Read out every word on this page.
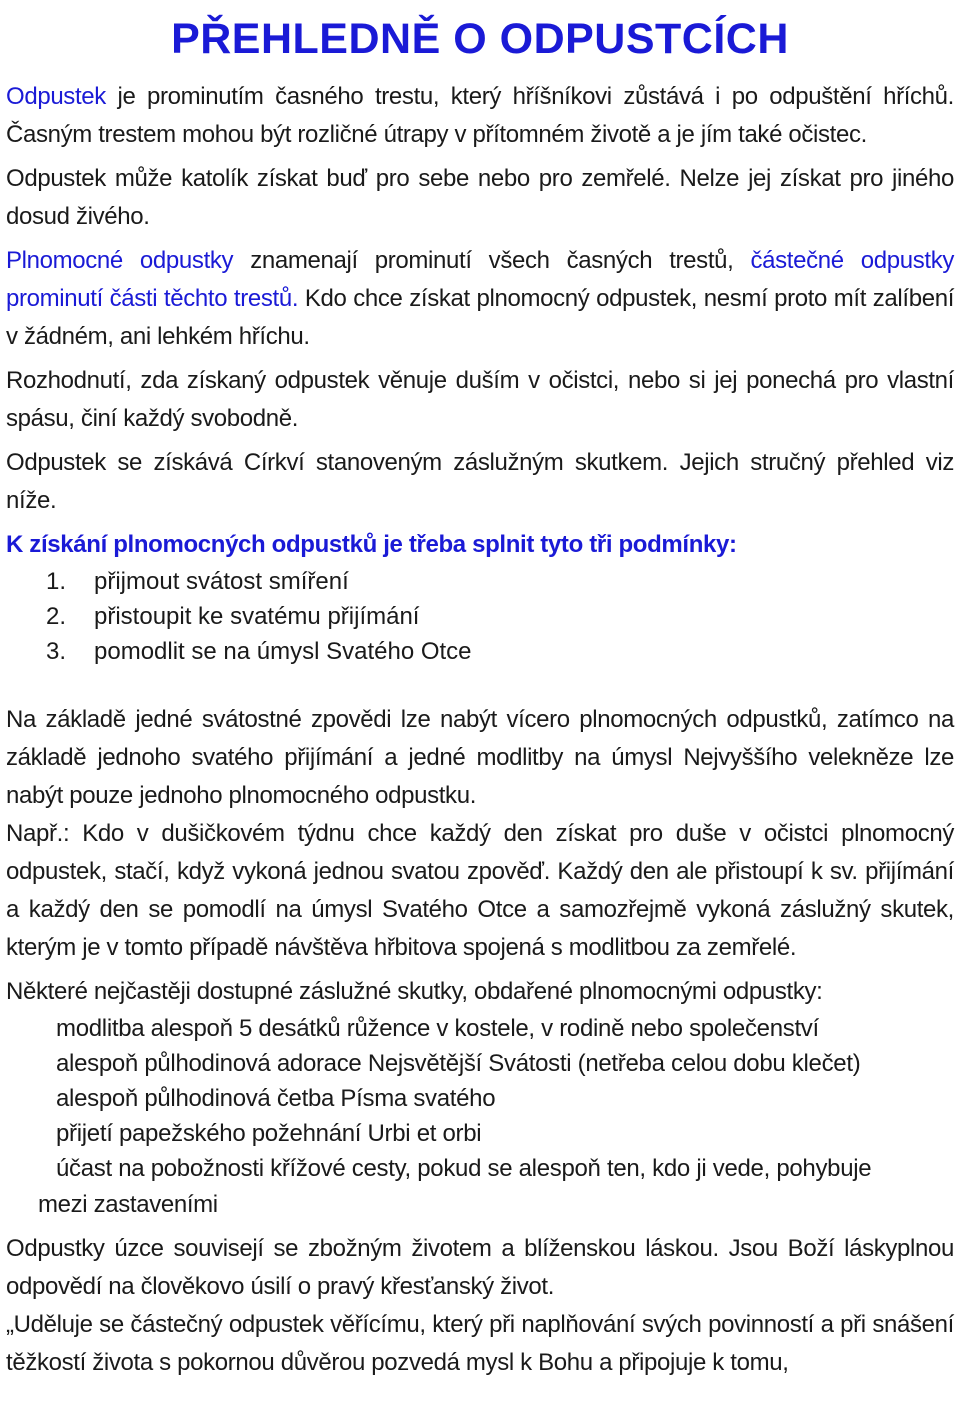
PŘEHLEDNĚ O ODPUSTCÍCH

Odpustek je prominutím časného trestu, který hříšníkovi zůstává i po odpuštění hříchů. Časným trestem mohou být rozličné útrapy v přítomném životě a je jím také očistec.

Odpustek může katolík získat buď pro sebe nebo pro zemřelé. Nelze jej získat pro jiného dosud živého.

Plnomocné odpustky znamenají prominutí všech časných trestů, částečné odpustky prominutí části těchto trestů. Kdo chce získat plnomocný odpustek, nesmí proto mít zalíbení v žádném, ani lehkém hříchu.

Rozhodnutí, zda získaný odpustek věnuje duším v očistci, nebo si jej ponechá pro vlastní spásu, činí každý svobodně.

Odpustek se získává Církví stanoveným záslužným skutkem. Jejich stručný přehled viz níže.

K získání plnomocných odpustků je třeba splnit tyto tři podmínky:

1.	přijmout svátost smíření
2.	přistoupit ke svatému přijímání
3.	pomodlit se na úmysl Svatého Otce

Na základě jedné svátostné zpovědi lze nabýt vícero plnomocných odpustků, zatímco na základě jednoho svatého přijímání a jedné modlitby na úmysl Nejvyššího velekněze lze nabýt pouze jednoho plnomocného odpustku.

Např.: Kdo v dušičkovém týdnu chce každý den získat pro duše v očistci plnomocný odpustek, stačí, když vykoná jednou svatou zpověď. Každý den ale přistoupí k sv. přijímání a každý den se pomodlí na úmysl Svatého Otce a samozřejmě vykoná záslužný skutek, kterým je v tomto případě návštěva hřbitova spojená s modlitbou za zemřelé.

Některé nejčastěji dostupné záslužné skutky, obdařené plnomocnými odpustky:

modlitba alespoň 5 desátků růžence v kostele, v rodině nebo společenství
alespoň půlhodinová adorace Nejsvětější Svátosti (netřeba celou dobu klečet)
alespoň půlhodinová četba Písma svatého
přijetí papežského požehnání Urbi et orbi
účast na pobožnosti křížové cesty, pokud se alespoň ten, kdo ji vede, pohybuje

mezi zastaveními

Odpustky úzce souvisejí se zbožným životem a blíženskou láskou. Jsou Boží láskyplnou odpovědí na člověkovo úsilí o pravý křesťanský život.

„Uděluje se částečný odpustek věřícímu, který při naplňování svých povinností a při snášení těžkostí života s pokornou důvěrou pozvedá mysl k Bohu a připojuje k tomu,
